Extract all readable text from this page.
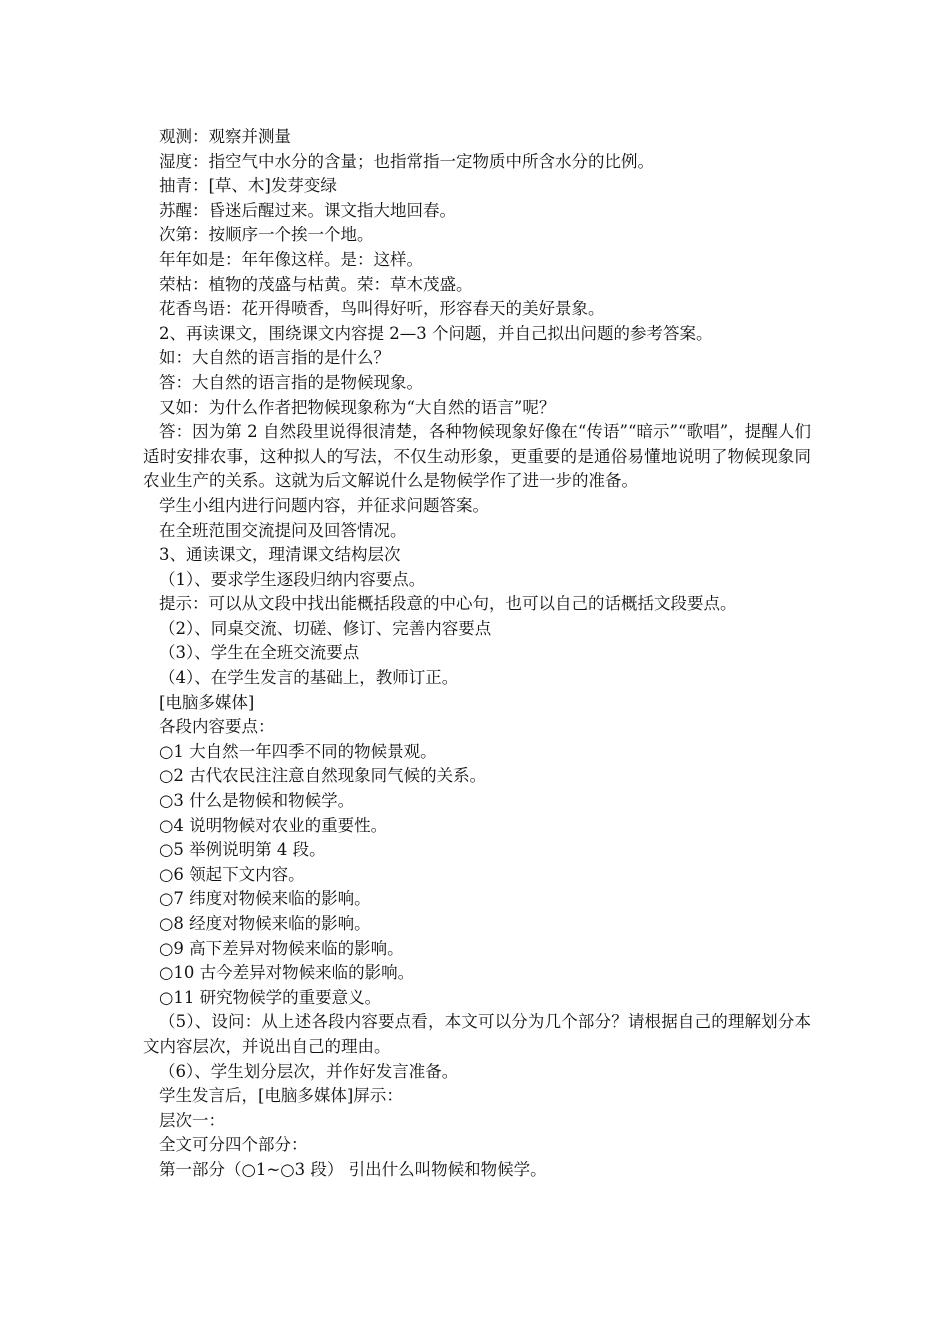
观测：观察并测量

湿度：指空气中水分的含量；也指常指一定物质中所含水分的比例。

抽青：[草、木]发芽变绿

苏醒：昏迷后醒过来。课文指大地回春。

次第：按顺序一个挨一个地。

年年如是：年年像这样。是：这样。

荣枯：植物的茂盛与枯黄。荣：草木茂盛。

花香鸟语：花开得喷香，鸟叫得好听，形容春天的美好景象。

2、再读课文，围绕课文内容提 2—3 个问题，并自己拟出问题的参考答案。

如：大自然的语言指的是什么？

答：大自然的语言指的是物候现象。

又如：为什么作者把物候现象称为“大自然的语言”呢？

答：因为第 2 自然段里说得很清楚，各种物候现象好像在“传语”“暗示”“歌唱”，提醒人们适时安排农事，这种拟人的写法，不仅生动形象，更重要的是通俗易懂地说明了物候现象同农业生产的关系。这就为后文解说什么是物候学作了进一步的准备。

学生小组内进行问题内容，并征求问题答案。

在全班范围交流提问及回答情况。

3、通读课文，理清课文结构层次

（1）、要求学生逐段归纳内容要点。

提示：可以从文段中找出能概括段意的中心句，也可以自己的话概括文段要点。

（2）、同桌交流、切磋、修订、完善内容要点

（3）、学生在全班交流要点

（4）、在学生发言的基础上，教师订正。

[电脑多媒体]

各段内容要点：

○1 大自然一年四季不同的物候景观。

○2 古代农民注注意自然现象同气候的关系。

○3 什么是物候和物候学。

○4 说明物候对农业的重要性。

○5 举例说明第 4 段。

○6 领起下文内容。

○7 纬度对物候来临的影响。

○8 经度对物候来临的影响。

○9 高下差异对物候来临的影响。

○10 古今差异对物候来临的影响。

○11 研究物候学的重要意义。

（5）、设问：从上述各段内容要点看，本文可以分为几个部分？请根据自己的理解划分本文内容层次，并说出自己的理由。

（6）、学生划分层次，并作好发言准备。

学生发言后，[电脑多媒体]屏示：

层次一：

全文可分四个部分：

第一部分（○1~○3 段） 引出什么叫物候和物候学。
